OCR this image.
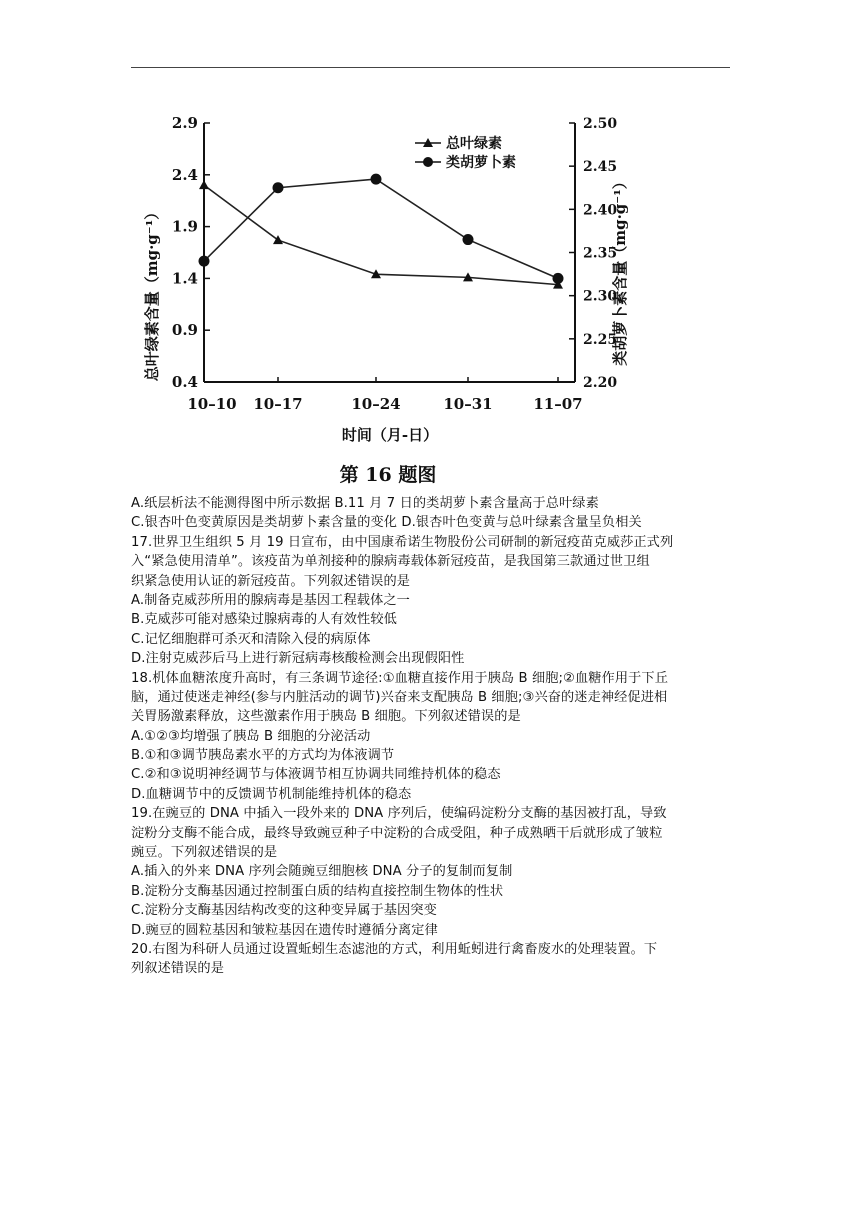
0.4
0.9
1.4
1.9
2.4
2.9
2.20
2.25
2.30
2.35
2.40
2.45
2.50
10–10 10–17	10–24	10–31	11–07
总叶绿素
类胡萝卜素
总叶绿素含量（mg·g⁻¹）	类胡萝卜素含量（mg·g⁻¹）
时间（月-日）
第 16 题图
A.纸层析法不能测得图中所示数据 B.11 月 7 日的类胡萝卜素含量高于总叶绿素
C.银杏叶色变黄原因是类胡萝卜素含量的变化 D.银杏叶色变黄与总叶绿素含量呈负相关
17.世界卫生组织 5 月 19 日宣布，由中国康希诺生物股份公司研制的新冠疫苗克威莎正式列
入“紧急使用清单”。该疫苗为单剂接种的腺病毒载体新冠疫苗，是我国第三款通过世卫组
织紧急使用认证的新冠疫苗。下列叙述错误的是
A.制备克威莎所用的腺病毒是基因工程载体之一
B.克威莎可能对感染过腺病毒的人有效性较低
C.记忆细胞群可杀灭和清除入侵的病原体
D.注射克威莎后马上进行新冠病毒核酸检测会出现假阳性
18.机体血糖浓度升高时，有三条调节途径:①血糖直接作用于胰岛 B 细胞;②血糖作用于下丘
脑，通过使迷走神经(参与内脏活动的调节)兴奋来支配胰岛 B 细胞;③兴奋的迷走神经促进相
关胃肠激素释放，这些激素作用于胰岛 B 细胞。下列叙述错误的是
A.①②③均增强了胰岛 B 细胞的分泌活动
B.①和③调节胰岛素水平的方式均为体液调节
C.②和③说明神经调节与体液调节相互协调共同维持机体的稳态
D.血糖调节中的反馈调节机制能维持机体的稳态
19.在豌豆的 DNA 中插入一段外来的 DNA 序列后，使编码淀粉分支酶的基因被打乱，导致
淀粉分支酶不能合成，最终导致豌豆种子中淀粉的合成受阻，种子成熟晒干后就形成了皱粒
豌豆。下列叙述错误的是
A.插入的外来 DNA 序列会随豌豆细胞核 DNA 分子的复制而复制
B.淀粉分支酶基因通过控制蛋白质的结构直接控制生物体的性状
C.淀粉分支酶基因结构改变的这种变异属于基因突变
D.豌豆的圆粒基因和皱粒基因在遗传时遵循分离定律
20.右图为科研人员通过设置蚯蚓生态滤池的方式，利用蚯蚓进行禽畜废水的处理装置。下
列叙述错误的是
